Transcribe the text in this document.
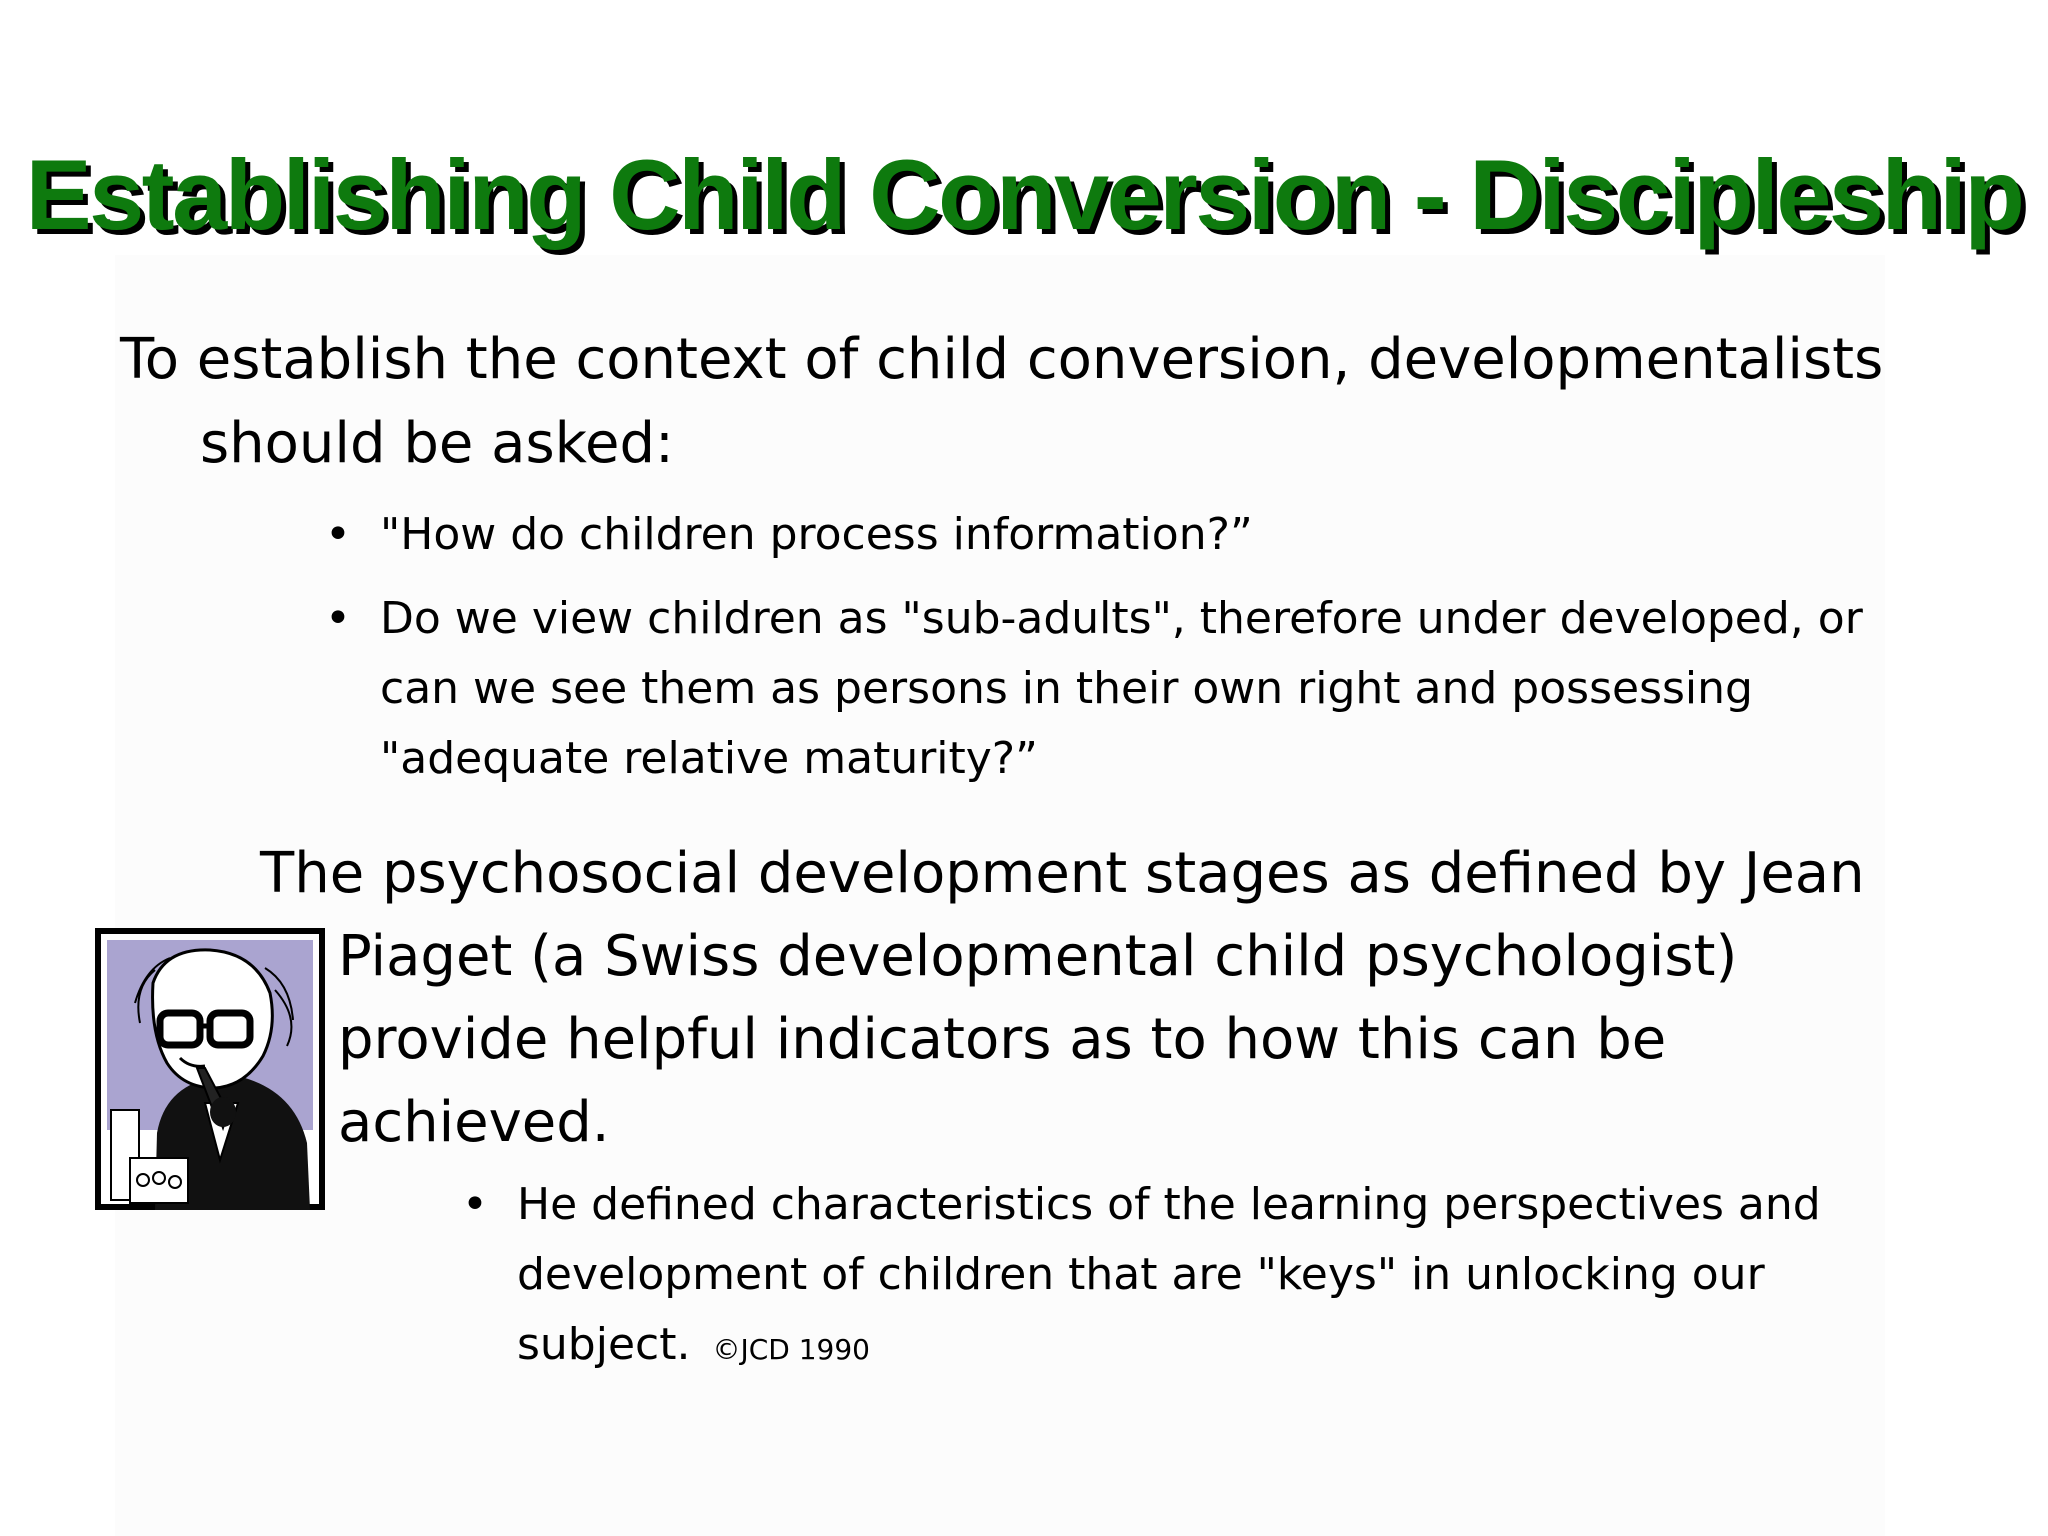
Establishing Child Conversion - Discipleship
To establish the context of child conversion, developmentalists should be asked:
• "How do children process information?”
• Do we view children as "sub-adults", therefore under developed, or can we see them as persons in their own right and possessing "adequate relative maturity?”
The psychosocial development stages as defined by Jean Piaget (a Swiss developmental child psychologist) provide helpful indicators as to how this can be achieved.
• He defined characteristics of the learning perspectives and development of children that are "keys" in unlocking our subject. ©JCD 1990
